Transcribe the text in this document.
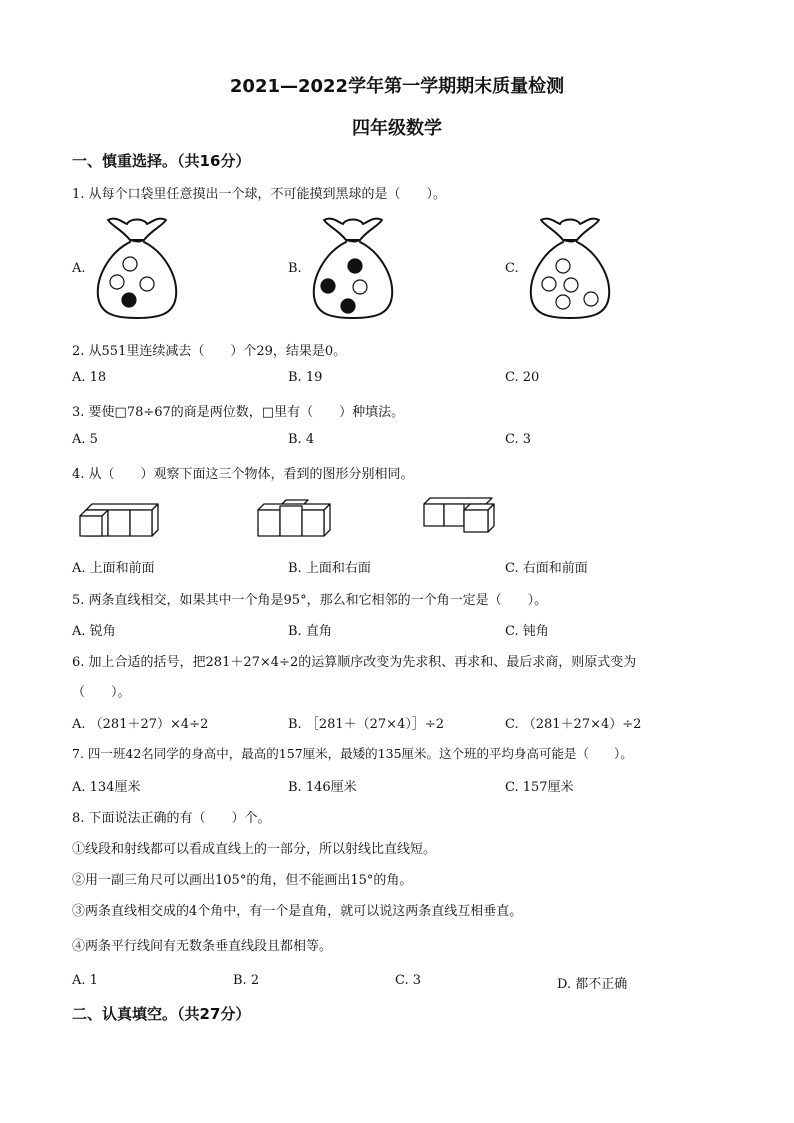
2021—2022学年第一学期期末质量检测
四年级数学
一、慎重选择。（共16分）
1. 从每个口袋里任意摸出一个球，不可能摸到黑球的是（　　）。
A.	B.	C.
2. 从551里连续减去（　　）个29，结果是0。
A. 18	B. 19	C. 20
3. 要使□78÷67的商是两位数，□里有（　　）种填法。
A. 5	B. 4	C. 3
4. 从（　　）观察下面这三个物体，看到的图形分别相同。
A. 上面和前面	B. 上面和右面	C. 右面和前面
5. 两条直线相交，如果其中一个角是95°，那么和它相邻的一个角一定是（　　）。
A. 锐角	B. 直角	C. 钝角
6. 加上合适的括号，把281＋27×4÷2的运算顺序改变为先求积、再求和、最后求商，则原式变为
（　　）。
A. （281＋27）×4÷2	B. ［281＋（27×4）］÷2	C. （281＋27×4）÷2
7. 四一班42名同学的身高中，最高的157厘米，最矮的135厘米。这个班的平均身高可能是（　　）。
A. 134厘米	B. 146厘米	C. 157厘米
8. 下面说法正确的有（　　）个。
①线段和射线都可以看成直线上的一部分，所以射线比直线短。
②用一副三角尺可以画出105°的角，但不能画出15°的角。
③两条直线相交成的4个角中，有一个是直角，就可以说这两条直线互相垂直。
④两条平行线间有无数条垂直线段且都相等。
A. 1	B. 2	C. 3	D. 都不正确
二、认真填空。（共27分）
